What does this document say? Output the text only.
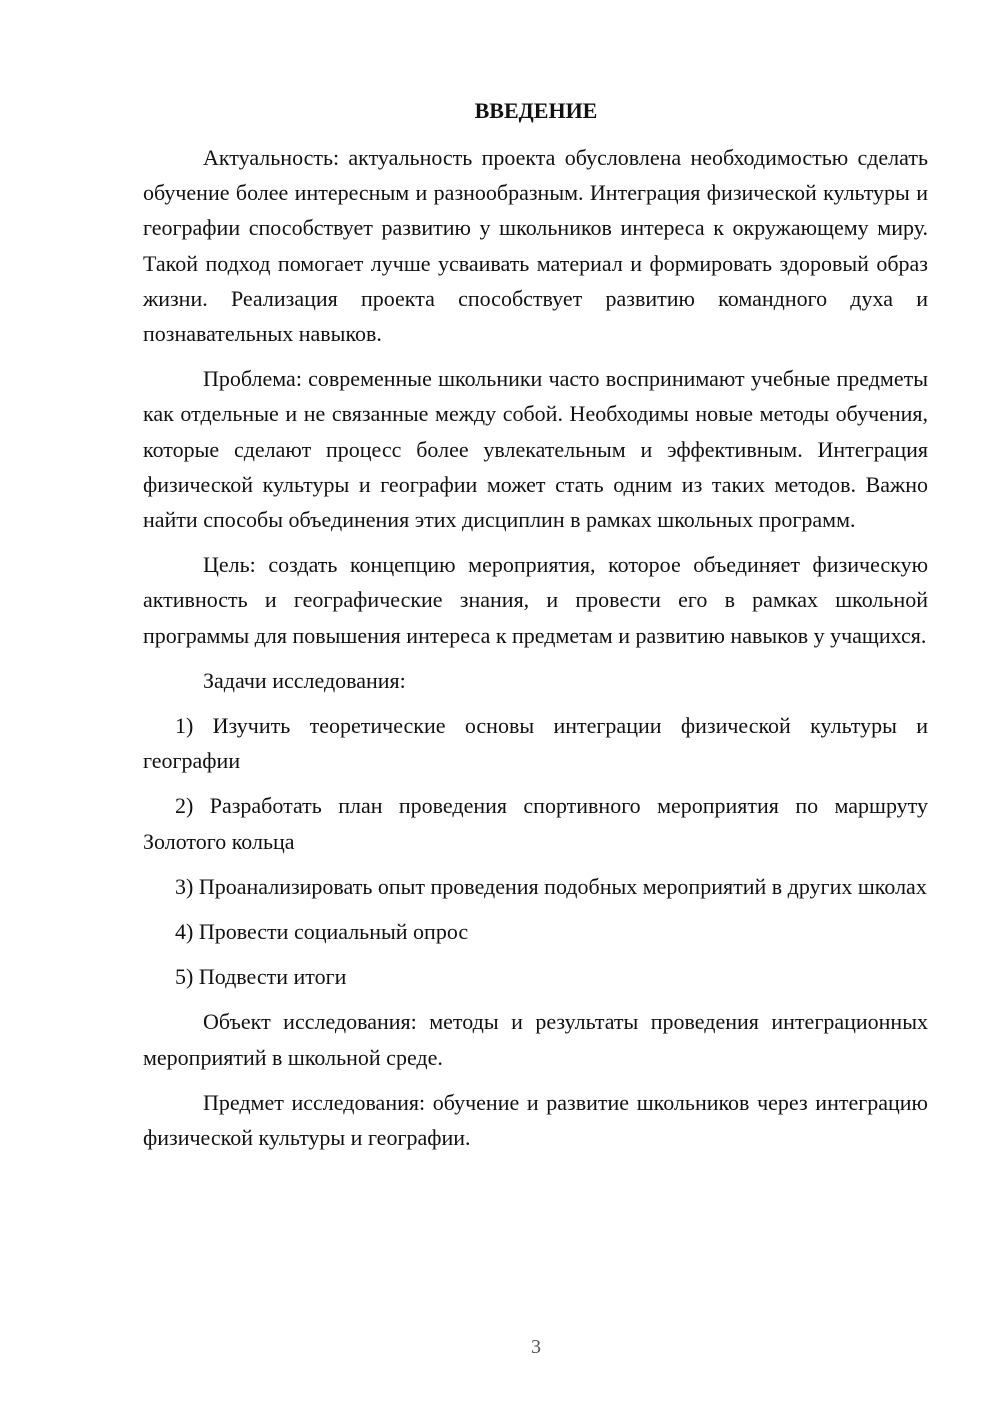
ВВЕДЕНИЕ

Актуальность: актуальность проекта обусловлена необходимостью сделать обучение более интересным и разнообразным. Интеграция физической культуры и географии способствует развитию у школьников интереса к окружающему миру. Такой подход помогает лучше усваивать материал и формировать здоровый образ жизни. Реализация проекта способствует развитию командного духа и познавательных навыков.

Проблема: современные школьники часто воспринимают учебные предметы как отдельные и не связанные между собой. Необходимы новые методы обучения, которые сделают процесс более увлекательным и эффективным. Интеграция физической культуры и географии может стать одним из таких методов. Важно найти способы объединения этих дисциплин в рамках школьных программ.

Цель: создать концепцию мероприятия, которое объединяет физическую активность и географические знания, и провести его в рамках школьной программы для повышения интереса к предметам и развитию навыков у учащихся.

Задачи исследования:

1) Изучить теоретические основы интеграции физической культуры и географии

2) Разработать план проведения спортивного мероприятия по маршруту Золотого кольца

3) Проанализировать опыт проведения подобных мероприятий в других школах

4) Провести социальный опрос

5) Подвести итоги

Объект исследования: методы и результаты проведения интеграционных мероприятий в школьной среде.

Предмет исследования: обучение и развитие школьников через интеграцию физической культуры и географии.

3
